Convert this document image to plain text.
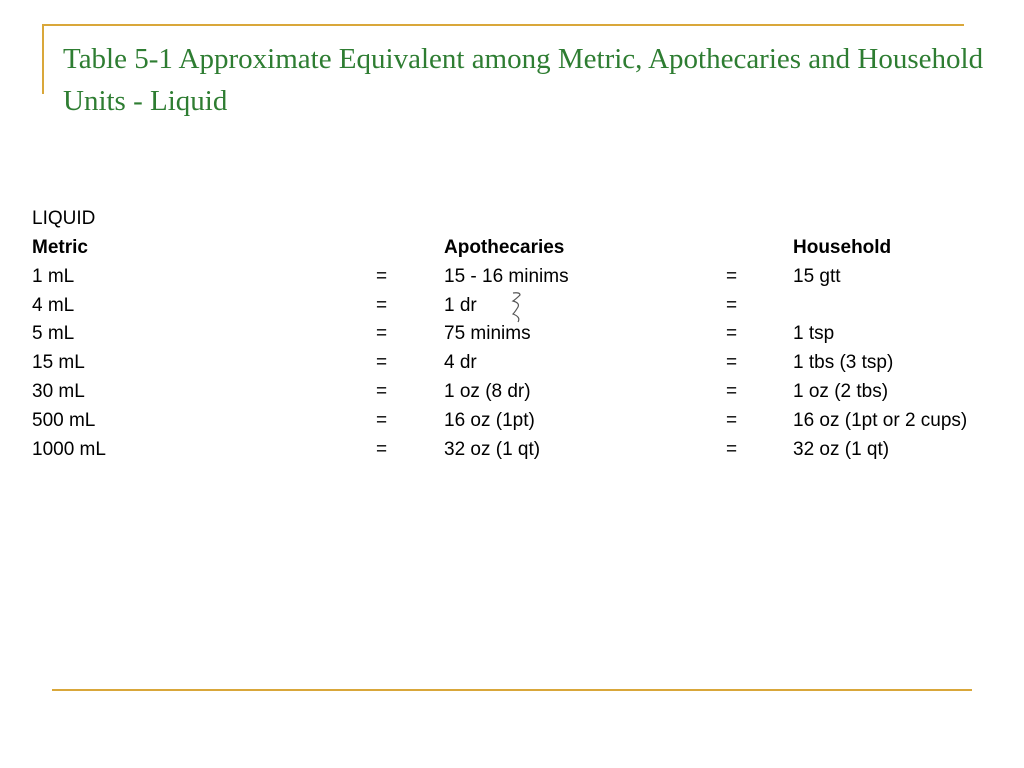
Table 5-1 Approximate Equivalent among Metric, Apothecaries and Household Units - Liquid
LIQUID
Metric	Apothecaries	Household
1 mL	=	15 - 16 minims	=	15 gtt
4 mL	=	1 dr	=
5 mL	=	75 minims	=	1 tsp
15 mL	=	4 dr	=	1 tbs (3 tsp)
30 mL	=	1 oz (8 dr)	=	1 oz (2 tbs)
500 mL	=	16 oz (1pt)	=	16 oz (1pt or 2 cups)
1000 mL	=	32 oz (1 qt)	=	32 oz (1 qt)
